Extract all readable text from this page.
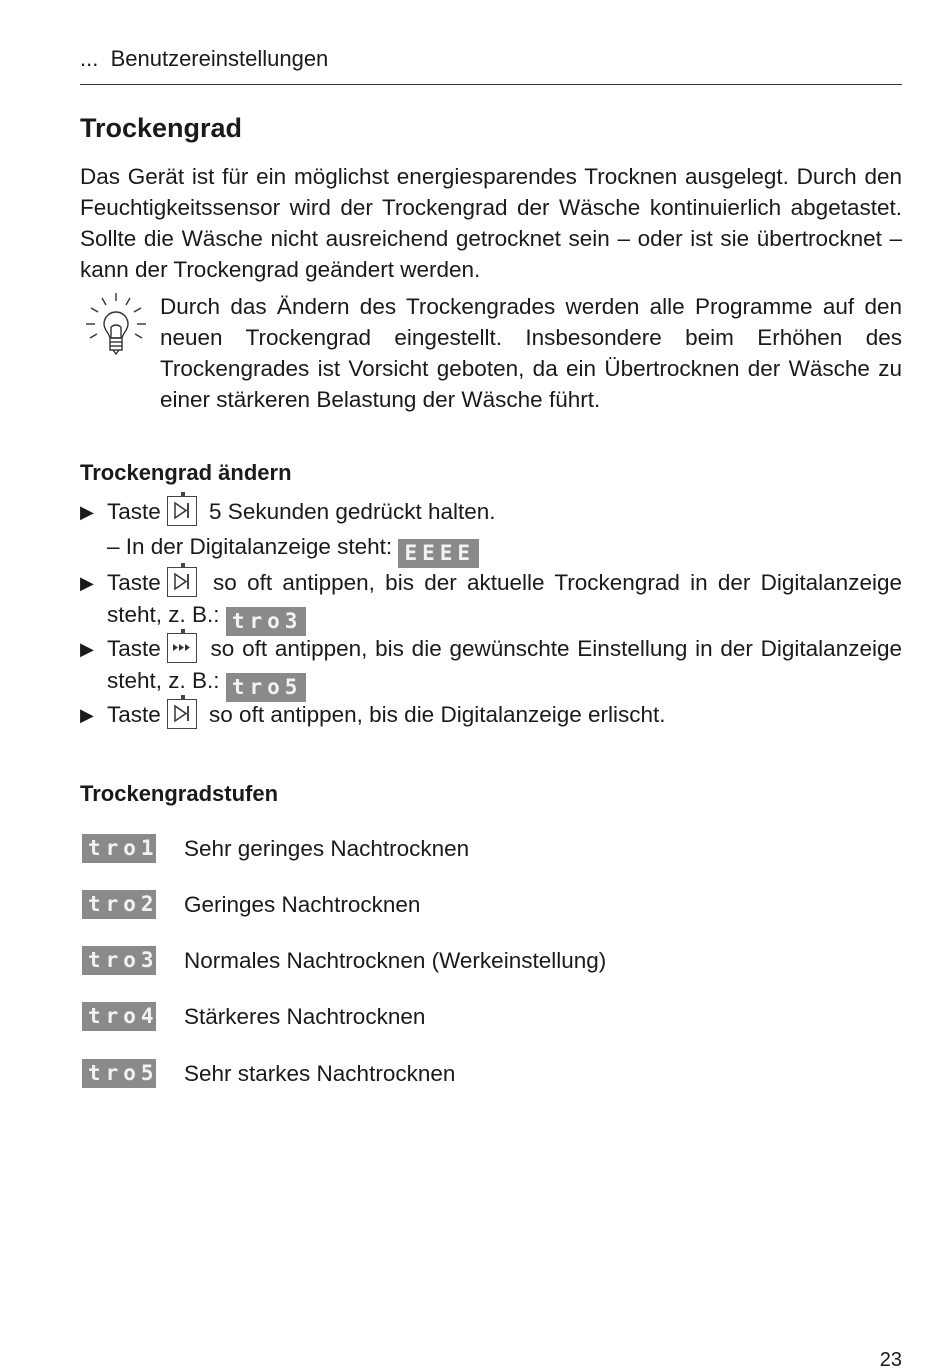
... Benutzereinstellungen
Trockengrad

Das Gerät ist für ein möglichst energiesparendes Trocknen ausgelegt. Durch den Feuchtigkeitssensor wird der Trockengrad der Wäsche kontinuierlich abgetastet. Sollte die Wäsche nicht ausreichend getrocknet sein – oder ist sie übertrocknet – kann der Trockengrad geändert werden.

Durch das Ändern des Trockengrades werden alle Programme auf den neuen Trockengrad eingestellt. Insbesondere beim Erhöhen des Trockengrades ist Vorsicht geboten, da ein Übertrocknen der Wäsche zu einer stärkeren Belastung der Wäsche führt.

Trockengrad ändern
▶ Taste 5 Sekunden gedrückt halten.
– In der Digitalanzeige steht: EEEE
▶ Taste so oft antippen, bis der aktuelle Trockengrad in der Digitalanzeige steht, z. B.: tro3
▶ Taste so oft antippen, bis die gewünschte Einstellung in der Digitalanzeige steht, z. B.: tro5
▶ Taste so oft antippen, bis die Digitalanzeige erlischt.
Trockengradstufen
tro1 Sehr geringes Nachtrocknen
tro2 Geringes Nachtrocknen
tro3 Normales Nachtrocknen (Werkeinstellung)
tro4 Stärkeres Nachtrocknen
tro5 Sehr starkes Nachtrocknen
23
